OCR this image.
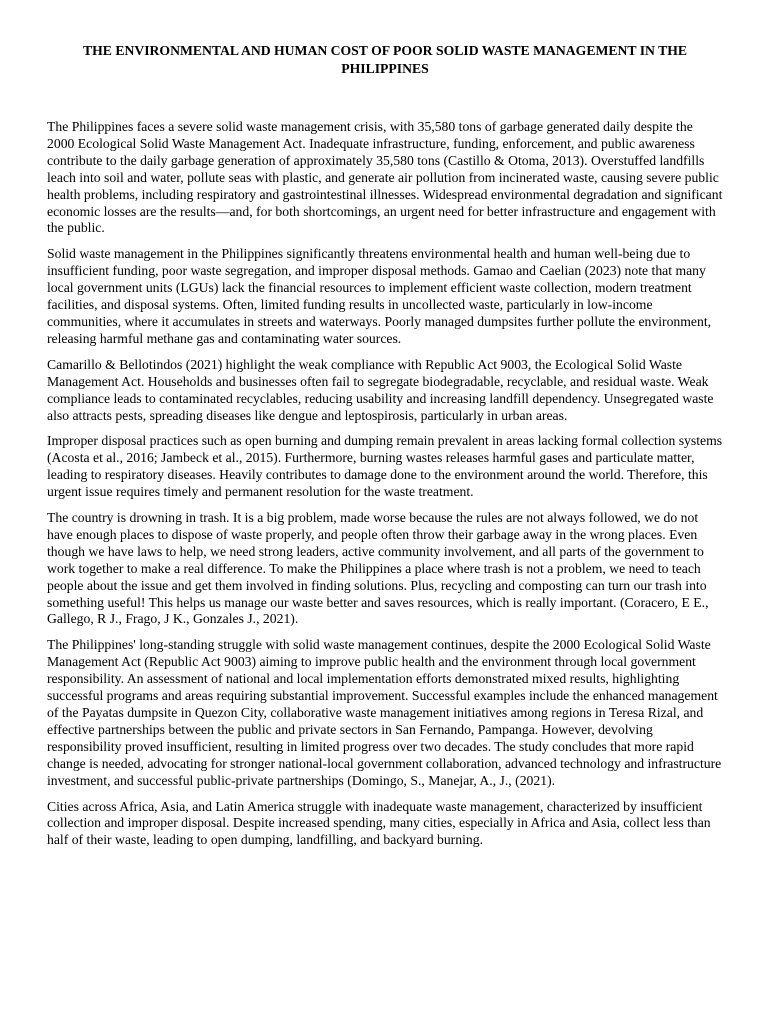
THE ENVIRONMENTAL AND HUMAN COST OF POOR SOLID WASTE MANAGEMENT IN THE PHILIPPINES

The Philippines faces a severe solid waste management crisis, with 35,580 tons of garbage generated daily despite the 2000 Ecological Solid Waste Management Act. Inadequate infrastructure, funding, enforcement, and public awareness contribute to the daily garbage generation of approximately 35,580 tons (Castillo & Otoma, 2013). Overstuffed landfills leach into soil and water, pollute seas with plastic, and generate air pollution from incinerated waste, causing severe public health problems, including respiratory and gastrointestinal illnesses. Widespread environmental degradation and significant economic losses are the results—and, for both shortcomings, an urgent need for better infrastructure and engagement with the public.

Solid waste management in the Philippines significantly threatens environmental health and human well-being due to insufficient funding, poor waste segregation, and improper disposal methods. Gamao and Caelian (2023) note that many local government units (LGUs) lack the financial resources to implement efficient waste collection, modern treatment facilities, and disposal systems. Often, limited funding results in uncollected waste, particularly in low-income communities, where it accumulates in streets and waterways. Poorly managed dumpsites further pollute the environment, releasing harmful methane gas and contaminating water sources.

Camarillo & Bellotindos (2021) highlight the weak compliance with Republic Act 9003, the Ecological Solid Waste Management Act. Households and businesses often fail to segregate biodegradable, recyclable, and residual waste. Weak compliance leads to contaminated recyclables, reducing usability and increasing landfill dependency. Unsegregated waste also attracts pests, spreading diseases like dengue and leptospirosis, particularly in urban areas.

Improper disposal practices such as open burning and dumping remain prevalent in areas lacking formal collection systems (Acosta et al., 2016; Jambeck et al., 2015). Furthermore, burning wastes releases harmful gases and particulate matter, leading to respiratory diseases. Heavily contributes to damage done to the environment around the world. Therefore, this urgent issue requires timely and permanent resolution for the waste treatment.

The country is drowning in trash. It is a big problem, made worse because the rules are not always followed, we do not have enough places to dispose of waste properly, and people often throw their garbage away in the wrong places. Even though we have laws to help, we need strong leaders, active community involvement, and all parts of the government to work together to make a real difference. To make the Philippines a place where trash is not a problem, we need to teach people about the issue and get them involved in finding solutions. Plus, recycling and composting can turn our trash into something useful! This helps us manage our waste better and saves resources, which is really important. (Coracero, E E., Gallego, R J., Frago, J K., Gonzales J., 2021).

The Philippines' long-standing struggle with solid waste management continues, despite the 2000 Ecological Solid Waste Management Act (Republic Act 9003) aiming to improve public health and the environment through local government responsibility. An assessment of national and local implementation efforts demonstrated mixed results, highlighting successful programs and areas requiring substantial improvement. Successful examples include the enhanced management of the Payatas dumpsite in Quezon City, collaborative waste management initiatives among regions in Teresa Rizal, and effective partnerships between the public and private sectors in San Fernando, Pampanga. However, devolving responsibility proved insufficient, resulting in limited progress over two decades. The study concludes that more rapid change is needed, advocating for stronger national-local government collaboration, advanced technology and infrastructure investment, and successful public-private partnerships (Domingo, S., Manejar, A., J., (2021).

Cities across Africa, Asia, and Latin America struggle with inadequate waste management, characterized by insufficient collection and improper disposal. Despite increased spending, many cities, especially in Africa and Asia, collect less than half of their waste, leading to open dumping, landfilling, and backyard burning.
